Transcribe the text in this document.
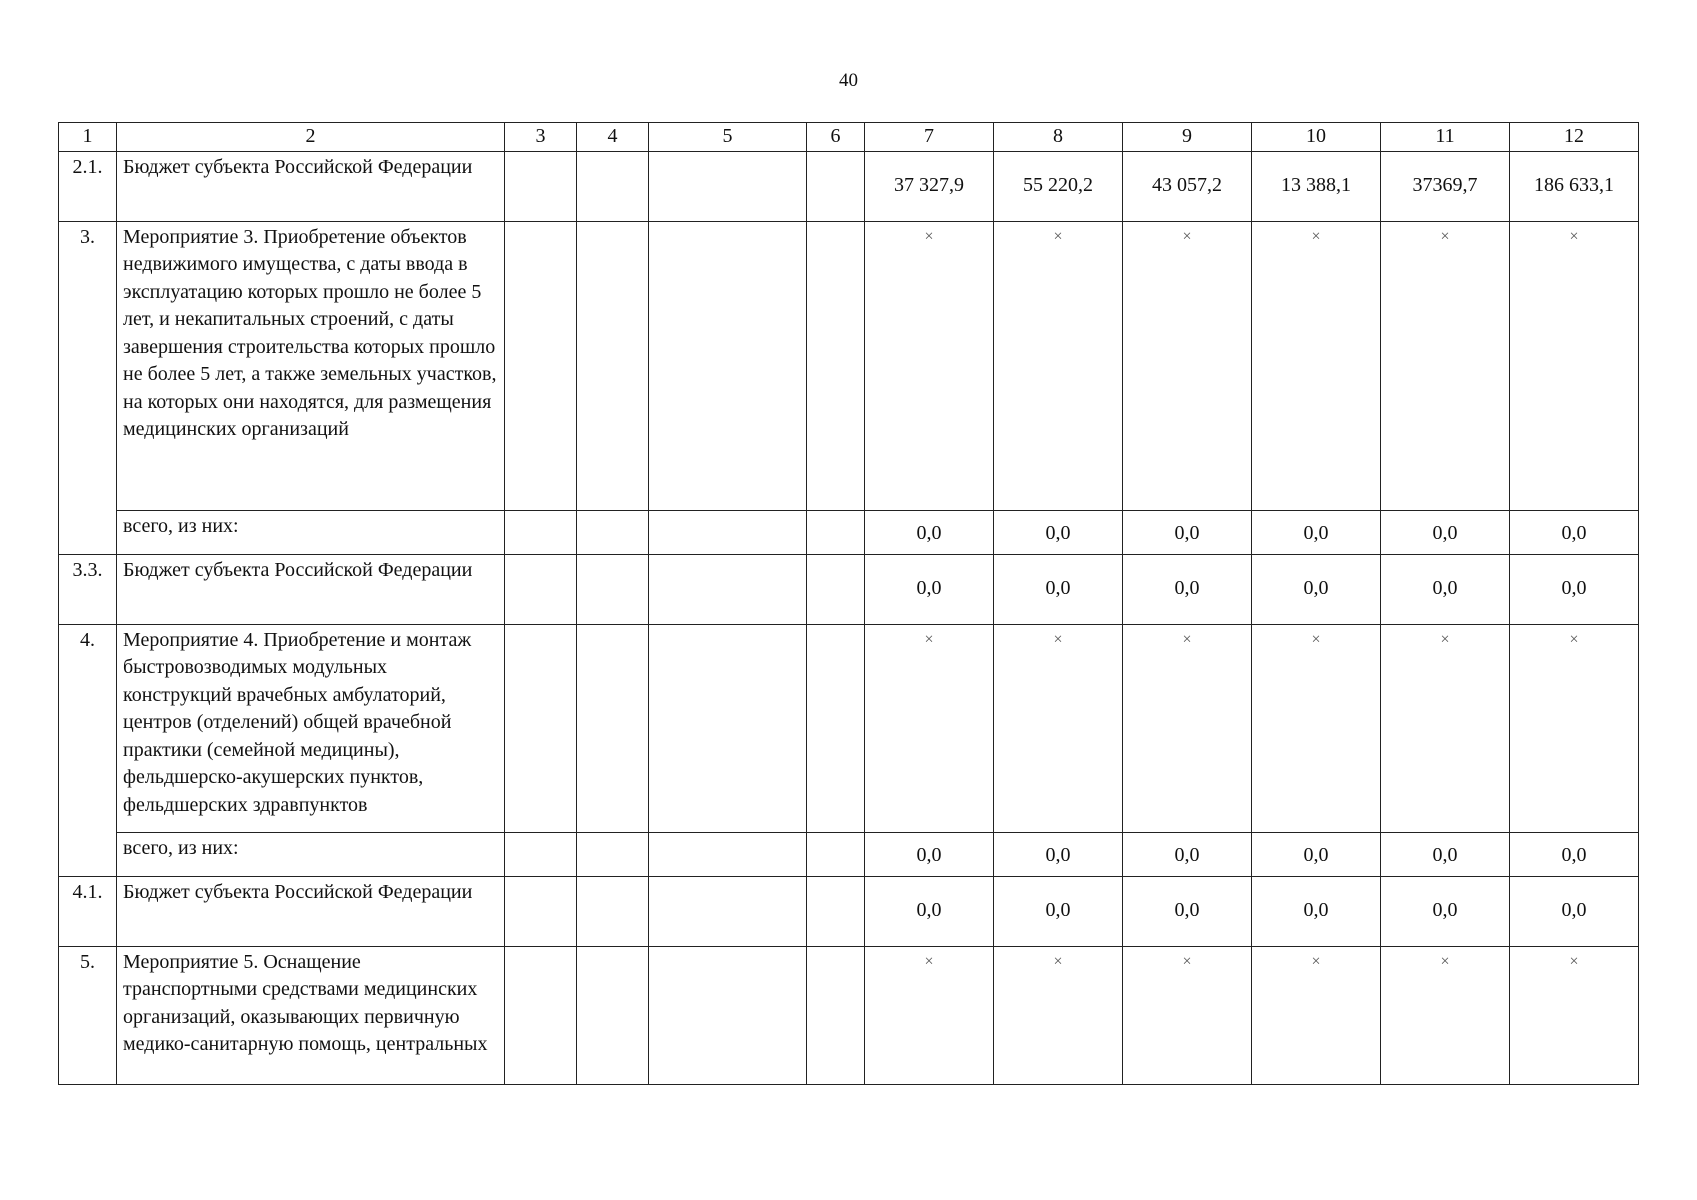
40
1	2	3	4	5	6	7	8	9	10	11	12
2.1.	Бюджет субъекта Российской Федерации					37 327,9	55 220,2	43 057,2	13 388,1	37369,7	186 633,1
3.	Мероприятие 3. Приобретение объектов недвижимого имущества, с даты ввода в эксплуатацию которых прошло не более 5 лет, и некапитальных строений, с даты завершения строительства которых прошло не более 5 лет, а также земельных участков, на которых они находятся, для размещения медицинских организаций					×	×	×	×	×	×
	всего, из них:					0,0	0,0	0,0	0,0	0,0	0,0
3.3.	Бюджет субъекта Российской Федерации					0,0	0,0	0,0	0,0	0,0	0,0
4.	Мероприятие 4. Приобретение и монтаж быстровозводимых модульных конструкций врачебных амбулаторий, центров (отделений) общей врачебной практики (семейной медицины), фельдшерско-акушерских пунктов, фельдшерских здравпунктов					×	×	×	×	×	×
	всего, из них:					0,0	0,0	0,0	0,0	0,0	0,0
4.1.	Бюджет субъекта Российской Федерации					0,0	0,0	0,0	0,0	0,0	0,0
5.	Мероприятие 5. Оснащение транспортными средствами медицинских организаций, оказывающих первичную медико-санитарную помощь, центральных					×	×	×	×	×	×
